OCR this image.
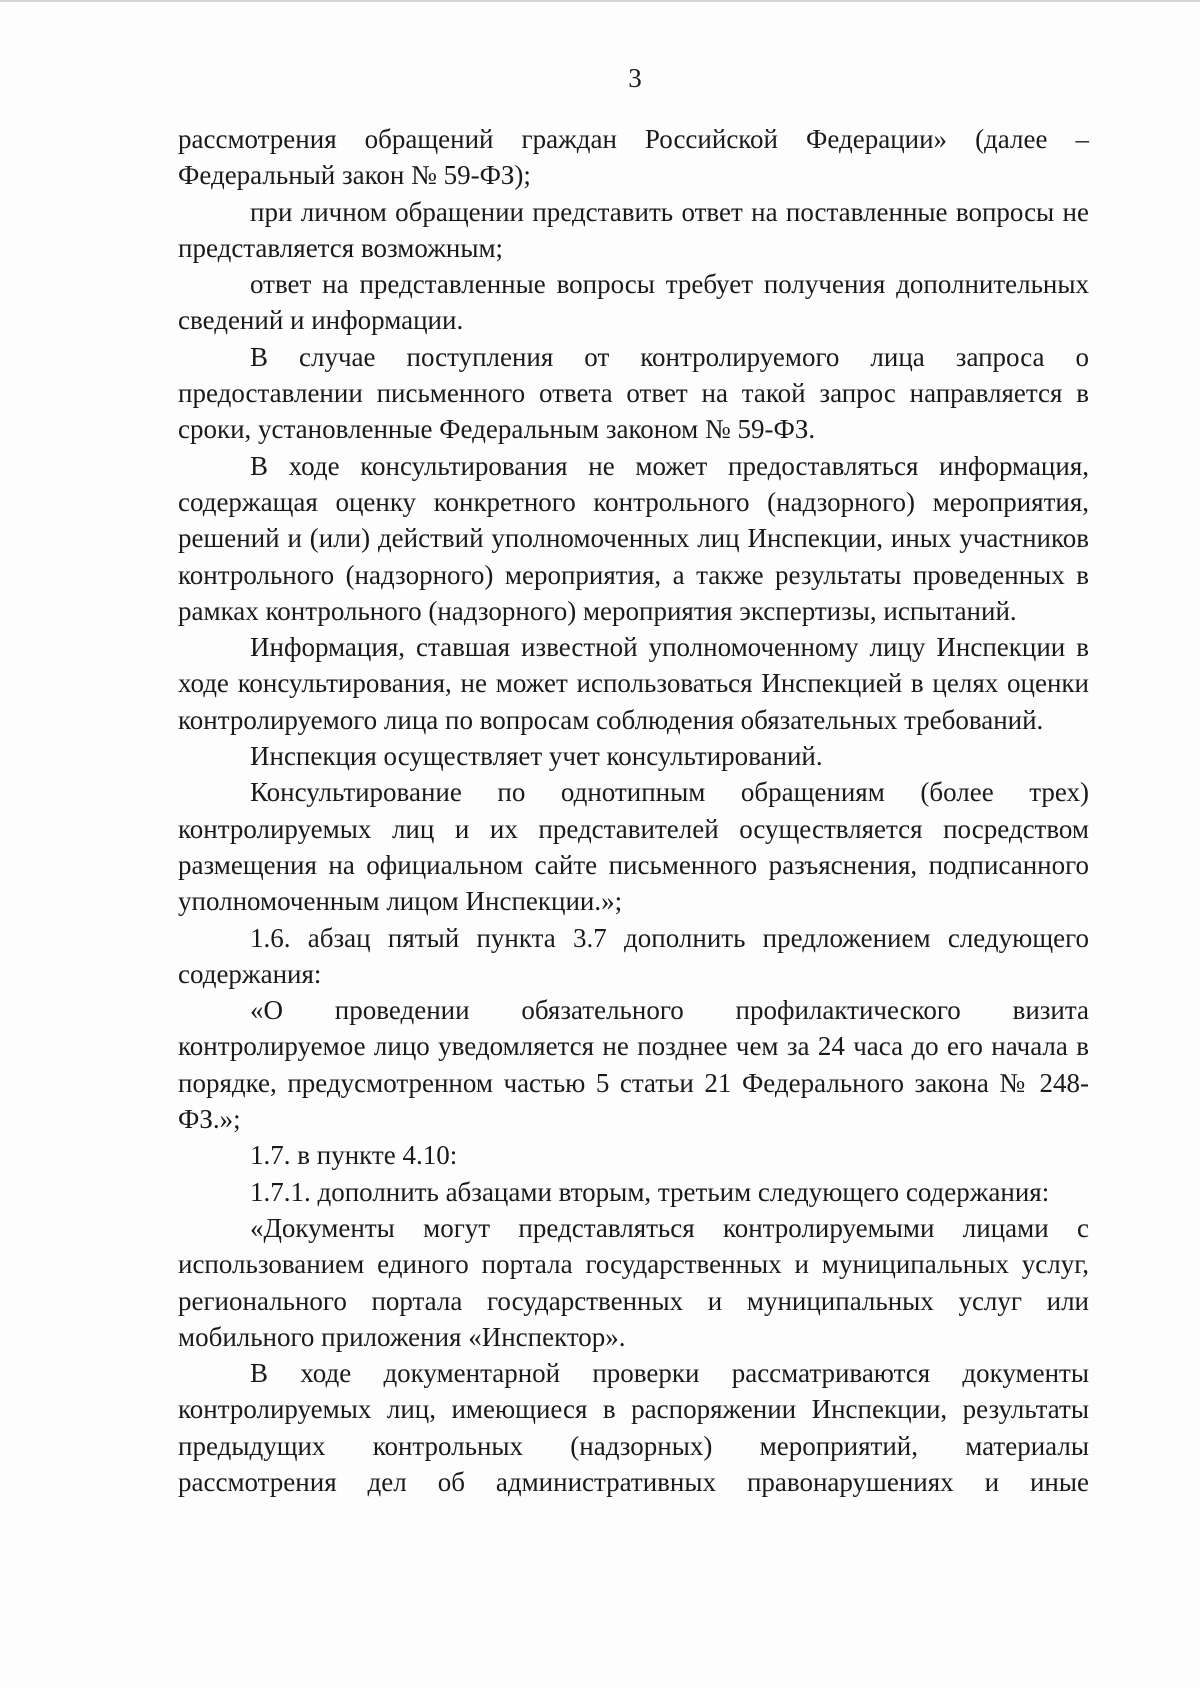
3

рассмотрения обращений граждан Российской Федерации» (далее – Федеральный закон № 59-ФЗ);

при личном обращении представить ответ на поставленные вопросы не представляется возможным;

ответ на представленные вопросы требует получения дополнительных сведений и информации.

В случае поступления от контролируемого лица запроса о предоставлении письменного ответа ответ на такой запрос направляется в сроки, установленные Федеральным законом № 59-ФЗ.

В ходе консультирования не может предоставляться информация, содержащая оценку конкретного контрольного (надзорного) мероприятия, решений и (или) действий уполномоченных лиц Инспекции, иных участников контрольного (надзорного) мероприятия, а также результаты проведенных в рамках контрольного (надзорного) мероприятия экспертизы, испытаний.

Информация, ставшая известной уполномоченному лицу Инспекции в ходе консультирования, не может использоваться Инспекцией в целях оценки контролируемого лица по вопросам соблюдения обязательных требований.

Инспекция осуществляет учет консультирований.

Консультирование по однотипным обращениям (более трех) контролируемых лиц и их представителей осуществляется посредством размещения на официальном сайте письменного разъяснения, подписанного уполномоченным лицом Инспекции.»;

1.6. абзац пятый пункта 3.7 дополнить предложением следующего содержания:

«О проведении обязательного профилактического визита контролируемое лицо уведомляется не позднее чем за 24 часа до его начала в порядке, предусмотренном частью 5 статьи 21 Федерального закона № 248-ФЗ.»;

1.7. в пункте 4.10:

1.7.1. дополнить абзацами вторым, третьим следующего содержания:

«Документы могут представляться контролируемыми лицами с использованием единого портала государственных и муниципальных услуг, регионального портала государственных и муниципальных услуг или мобильного приложения «Инспектор».

В ходе документарной проверки рассматриваются документы контролируемых лиц, имеющиеся в распоряжении Инспекции, результаты предыдущих контрольных (надзорных) мероприятий, материалы рассмотрения дел об административных правонарушениях и иные
